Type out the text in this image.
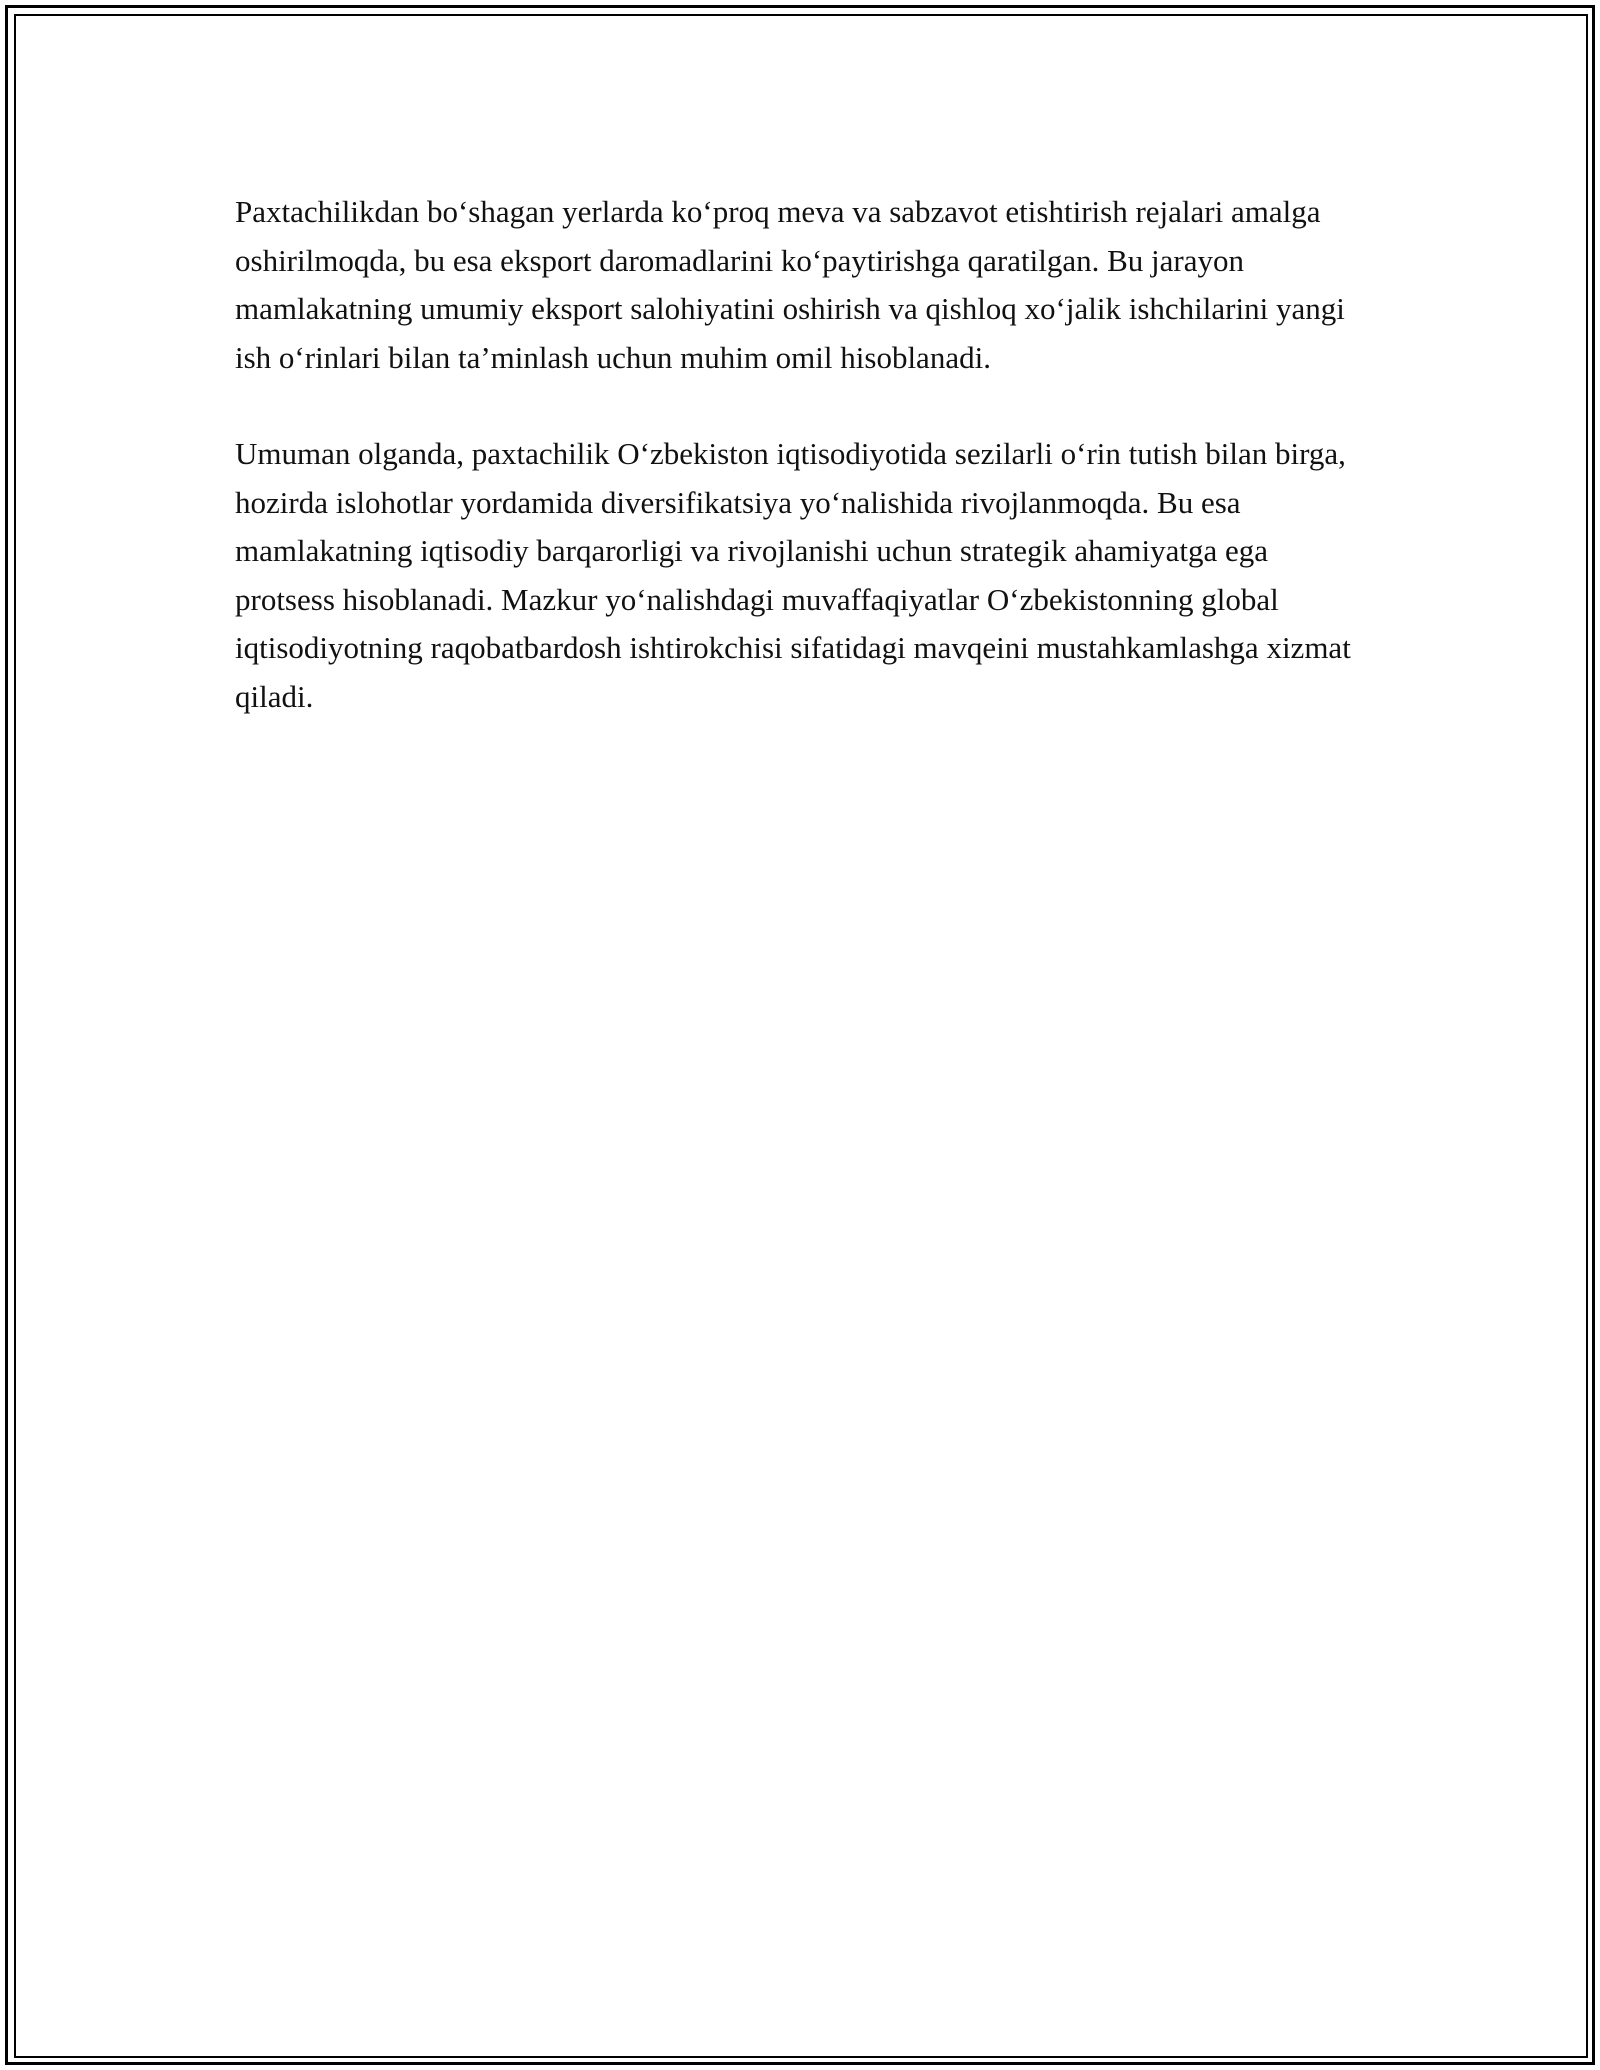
Paxtachilikdan bo‘shagan yerlarda ko‘proq meva va sabzavot etishtirish rejalari amalga oshirilmoqda, bu esa eksport daromadlarini ko‘paytirishga qaratilgan. Bu jarayon mamlakatning umumiy eksport salohiyatini oshirish va qishloq xo‘jalik ishchilarini yangi ish o‘rinlari bilan ta’minlash uchun muhim omil hisoblanadi.

Umuman olganda, paxtachilik O‘zbekiston iqtisodiyotida sezilarli o‘rin tutish bilan birga, hozirda islohotlar yordamida diversifikatsiya yo‘nalishida rivojlanmoqda. Bu esa mamlakatning iqtisodiy barqarorligi va rivojlanishi uchun strategik ahamiyatga ega protsess hisoblanadi. Mazkur yo‘nalishdagi muvaffaqiyatlar O‘zbekistonning global iqtisodiyotning raqobatbardosh ishtirokchisi sifatidagi mavqeini mustahkamlashga xizmat qiladi.
